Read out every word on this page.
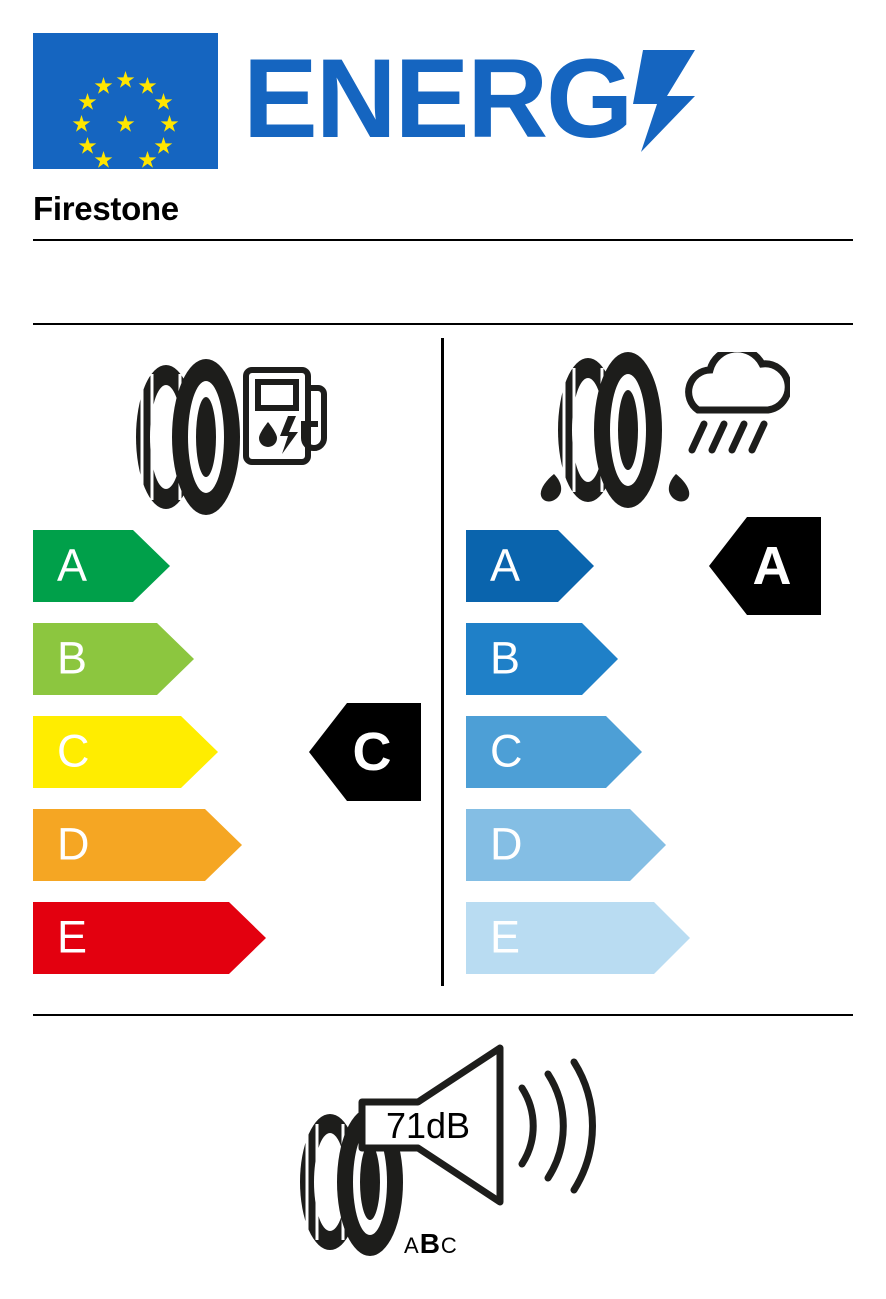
ENERG
Firestone
A
B
C
D
E
C
A
B
C
D
E
A
71dB
ABC
